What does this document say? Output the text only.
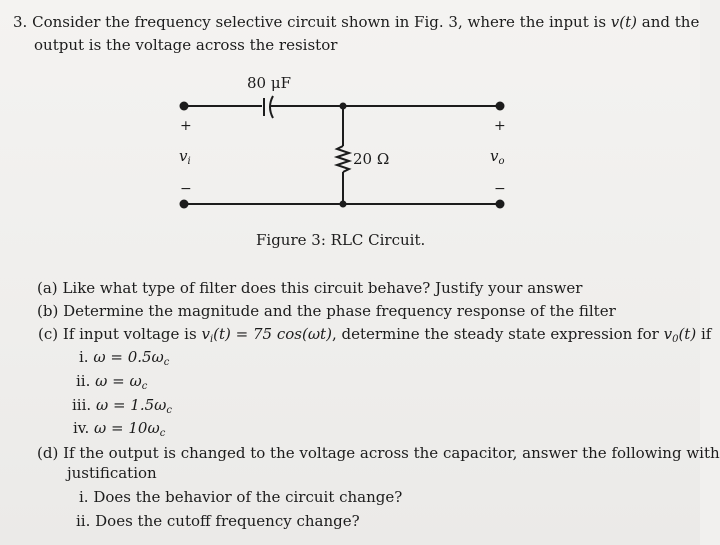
3. Consider the frequency selective circuit shown in Fig. 3, where the input is v(t) and the
output is the voltage across the resistor
80 μF
20 Ω
+
−
$v_i$
+
−
$v_o$
Figure 3: RLC Circuit.
(a) Like what type of filter does this circuit behave? Justify your answer
(b) Determine the magnitude and the phase frequency response of the filter
(c) If input voltage is $v_i(t) = 75$ cos(ωt), determine the steady state expression for $v_0(t)$ if
i. $\omega = 0.5\omega_c$
ii. $\omega = \omega_c$
iii. $\omega = 1.5\omega_c$
iv. $\omega = 10\omega_c$
(d) If the output is changed to the voltage across the capacitor, answer the following with
justification
i. Does the behavior of the circuit change?
ii. Does the cutoff frequency change?
